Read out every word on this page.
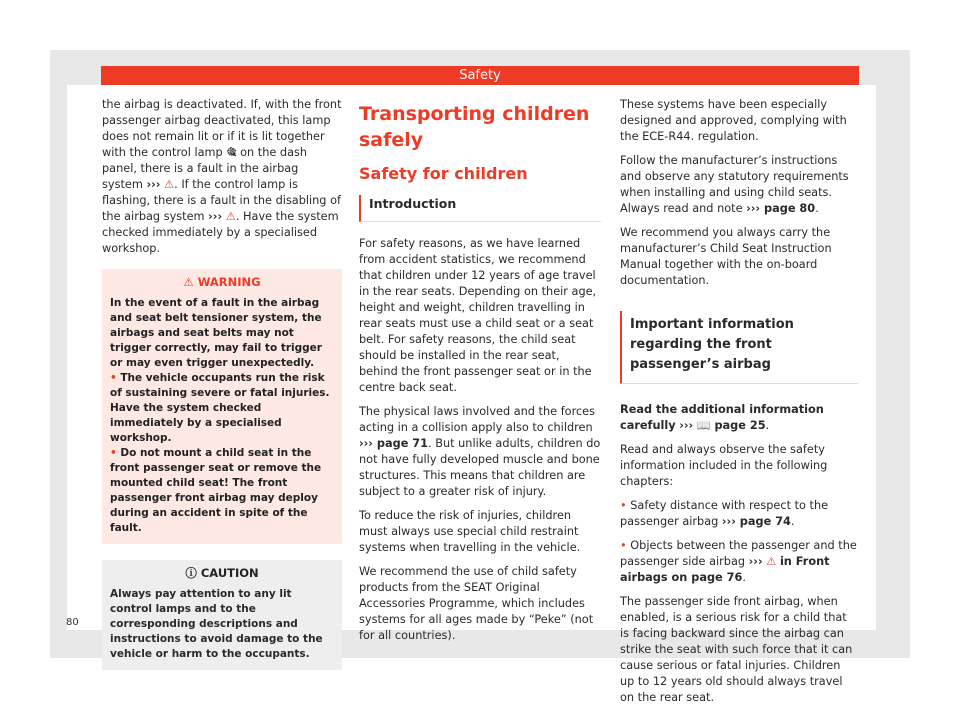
Safety

the airbag is deactivated. If, with the front passenger airbag deactivated, this lamp does not remain lit or if it is lit together with the control lamp 🎕 on the dash panel, there is a fault in the airbag system ››› ⚠. If the control lamp is flashing, there is a fault in the disabling of the airbag system ››› ⚠. Have the system checked immediately by a specialised workshop.

⚠ WARNING

In the event of a fault in the airbag and seat belt tensioner system, the airbags and seat belts may not trigger correctly, may fail to trigger or may even trigger unexpectedly.

• The vehicle occupants run the risk of sustaining severe or fatal injuries. Have the system checked immediately by a specialised workshop.

• Do not mount a child seat in the front passenger seat or remove the mounted child seat! The front passenger front airbag may deploy during an accident in spite of the fault.

ⓘ CAUTION

Always pay attention to any lit control lamps and to the corresponding descriptions and instructions to avoid damage to the vehicle or harm to the occupants.

Transporting children safely
Safety for children
Introduction

For safety reasons, as we have learned from accident statistics, we recommend that children under 12 years of age travel in the rear seats. Depending on their age, height and weight, children travelling in rear seats must use a child seat or a seat belt. For safety reasons, the child seat should be installed in the rear seat, behind the front passenger seat or in the centre back seat.

The physical laws involved and the forces acting in a collision apply also to children ››› page 71. But unlike adults, children do not have fully developed muscle and bone structures. This means that children are subject to a greater risk of injury.

To reduce the risk of injuries, children must always use special child restraint systems when travelling in the vehicle.

We recommend the use of child safety products from the SEAT Original Accessories Programme, which includes systems for all ages made by “Peke” (not for all countries).

These systems have been especially designed and approved, complying with the ECE-R44. regulation.

Follow the manufacturer’s instructions and observe any statutory requirements when installing and using child seats. Always read and note ››› page 80.

We recommend you always carry the manufacturer’s Child Seat Instruction Manual together with the on-board documentation.

Important information regarding the front passenger’s airbag

Read the additional information carefully ››› 📖 page 25.

Read and always observe the safety information included in the following chapters:

• Safety distance with respect to the passenger airbag ››› page 74.

• Objects between the passenger and the passenger side airbag ››› ⚠ in Front airbags on page 76.

The passenger side front airbag, when enabled, is a serious risk for a child that is facing backward since the airbag can strike the seat with such force that it can cause serious or fatal injuries. Children up to 12 years old should always travel on the rear seat.

80
